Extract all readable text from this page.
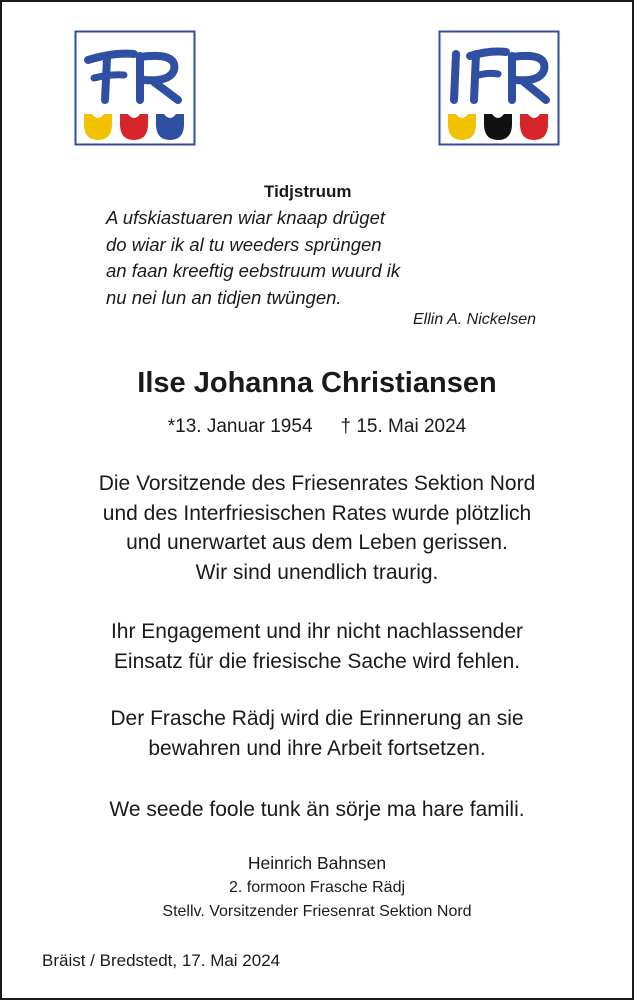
Tidjstruum
A ufskiastuaren wiar knaap drüget
do wiar ik al tu weeders sprüngen
an faan kreeftig eebstruum wuurd ik
nu nei lun an tidjen twüngen.
Ellin A. Nickelsen
Ilse Johanna Christiansen
*13. Januar 1954 † 15. Mai 2024
Die Vorsitzende des Friesenrates Sektion Nord
und des Interfriesischen Rates wurde plötzlich
und unerwartet aus dem Leben gerissen.
Wir sind unendlich traurig.
Ihr Engagement und ihr nicht nachlassender
Einsatz für die friesische Sache wird fehlen.
Der Frasche Rädj wird die Erinnerung an sie
bewahren und ihre Arbeit fortsetzen.
We seede foole tunk än sörje ma hare famili.
Heinrich Bahnsen
2. formoon Frasche Rädj
Stellv. Vorsitzender Friesenrat Sektion Nord
Bräist / Bredstedt, 17. Mai 2024
